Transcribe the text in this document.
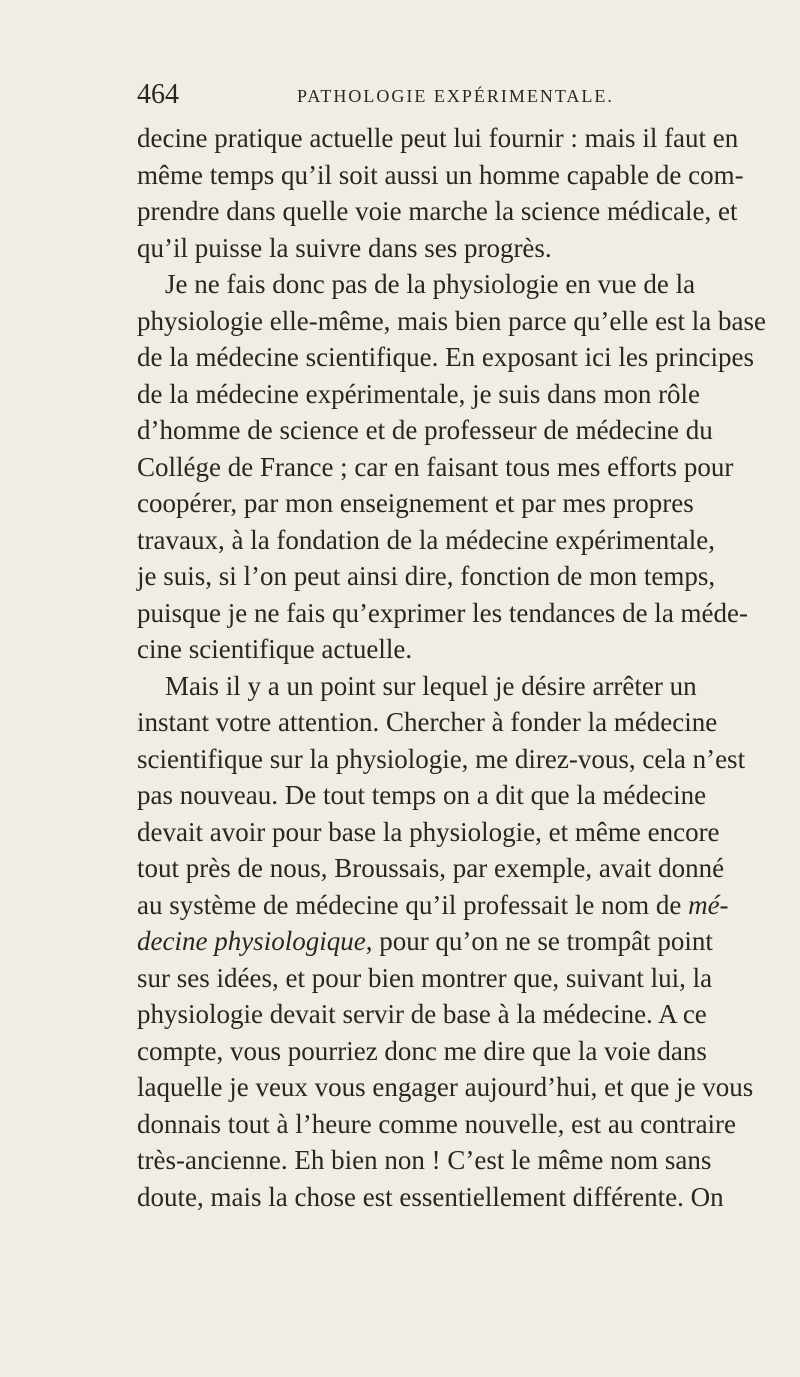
464	PATHOLOGIE EXPÉRIMENTALE.
decine pratique actuelle peut lui fournir : mais il faut en
même temps qu’il soit aussi un homme capable de com-
prendre dans quelle voie marche la science médicale, et
qu’il puisse la suivre dans ses progrès.
Je ne fais donc pas de la physiologie en vue de la
physiologie elle-même, mais bien parce qu’elle est la base
de la médecine scientifique. En exposant ici les principes
de la médecine expérimentale, je suis dans mon rôle
d’homme de science et de professeur de médecine du
Collége de France ; car en faisant tous mes efforts pour
coopérer, par mon enseignement et par mes propres
travaux, à la fondation de la médecine expérimentale,
je suis, si l’on peut ainsi dire, fonction de mon temps,
puisque je ne fais qu’exprimer les tendances de la méde-
cine scientifique actuelle.
Mais il y a un point sur lequel je désire arrêter un
instant votre attention. Chercher à fonder la médecine
scientifique sur la physiologie, me direz-vous, cela n’est
pas nouveau. De tout temps on a dit que la médecine
devait avoir pour base la physiologie, et même encore
tout près de nous, Broussais, par exemple, avait donné
au système de médecine qu’il professait le nom de mé-
decine physiologique, pour qu’on ne se trompât point
sur ses idées, et pour bien montrer que, suivant lui, la
physiologie devait servir de base à la médecine. A ce
compte, vous pourriez donc me dire que la voie dans
laquelle je veux vous engager aujourd’hui, et que je vous
donnais tout à l’heure comme nouvelle, est au contraire
très-ancienne. Eh bien non ! C’est le même nom sans
doute, mais la chose est essentiellement différente. On
